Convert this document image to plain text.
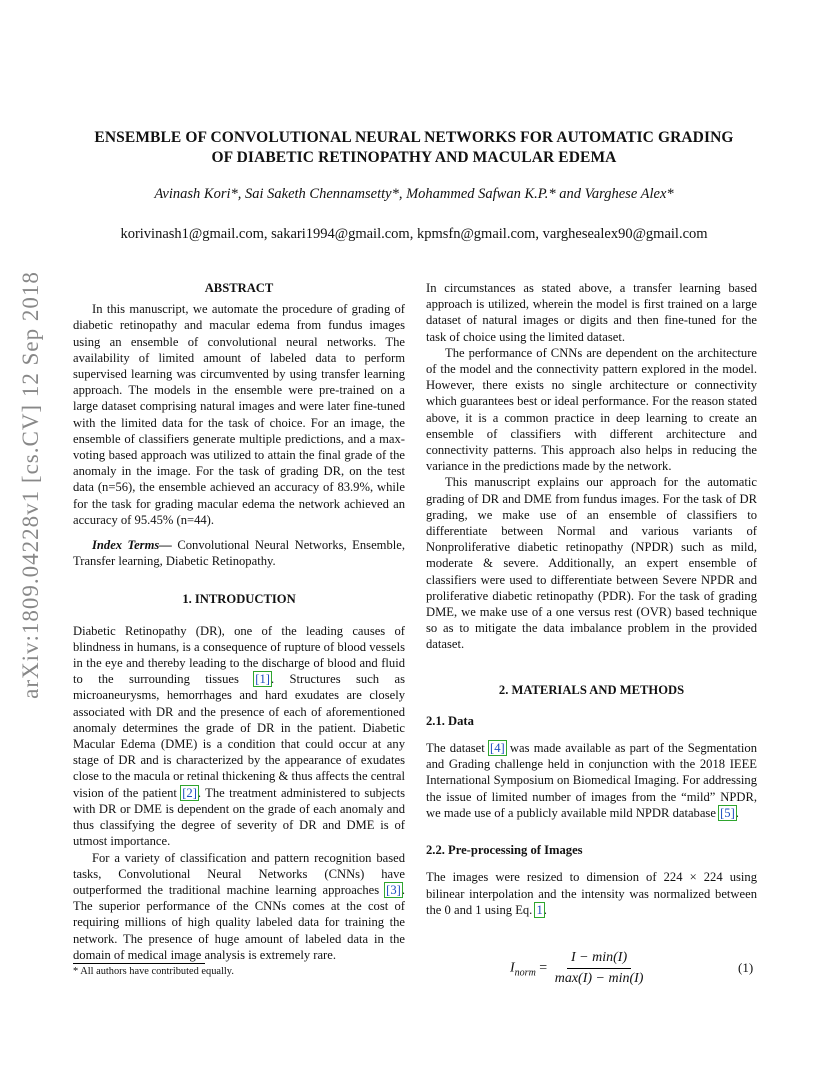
arXiv:1809.04228v1 [cs.CV] 12 Sep 2018
ENSEMBLE OF CONVOLUTIONAL NEURAL NETWORKS FOR AUTOMATIC GRADING
OF DIABETIC RETINOPATHY AND MACULAR EDEMA
Avinash Kori*, Sai Saketh Chennamsetty*, Mohammed Safwan K.P.* and Varghese Alex*
korivinash1@gmail.com, sakari1994@gmail.com, kpmsfn@gmail.com, varghesealex90@gmail.com
ABSTRACT

In this manuscript, we automate the procedure of grading of diabetic retinopathy and macular edema from fundus images using an ensemble of convolutional neural networks. The availability of limited amount of labeled data to perform supervised learning was circumvented by using transfer learning approach. The models in the ensemble were pre-trained on a large dataset comprising natural images and were later fine-tuned with the limited data for the task of choice. For an image, the ensemble of classifiers generate multiple predictions, and a max-voting based approach was utilized to attain the final grade of the anomaly in the image. For the task of grading DR, on the test data (n=56), the ensemble achieved an accuracy of 83.9%, while for the task for grading macular edema the network achieved an accuracy of 95.45% (n=44).

Index Terms— Convolutional Neural Networks, Ensemble, Transfer learning, Diabetic Retinopathy.

1. INTRODUCTION

Diabetic Retinopathy (DR), one of the leading causes of blindness in humans, is a consequence of rupture of blood vessels in the eye and thereby leading to the discharge of blood and fluid to the surrounding tissues [1]. Structures such as microaneurysms, hemorrhages and hard exudates are closely associated with DR and the presence of each of aforementioned anomaly determines the grade of DR in the patient. Diabetic Macular Edema (DME) is a condition that could occur at any stage of DR and is characterized by the appearance of exudates close to the macula or retinal thickening & thus affects the central vision of the patient [2]. The treatment administered to subjects with DR or DME is dependent on the grade of each anomaly and thus classifying the degree of severity of DR and DME is of utmost importance.

For a variety of classification and pattern recognition based tasks, Convolutional Neural Networks (CNNs) have outperformed the traditional machine learning approaches [3]. The superior performance of the CNNs comes at the cost of requiring millions of high quality labeled data for training the network. The presence of huge amount of labeled data in the domain of medical image analysis is extremely rare.

* All authors have contributed equally.

In circumstances as stated above, a transfer learning based approach is utilized, wherein the model is first trained on a large dataset of natural images or digits and then fine-tuned for the task of choice using the limited dataset.

The performance of CNNs are dependent on the architecture of the model and the connectivity pattern explored in the model. However, there exists no single architecture or connectivity which guarantees best or ideal performance. For the reason stated above, it is a common practice in deep learning to create an ensemble of classifiers with different architecture and connectivity patterns. This approach also helps in reducing the variance in the predictions made by the network.

This manuscript explains our approach for the automatic grading of DR and DME from fundus images. For the task of DR grading, we make use of an ensemble of classifiers to differentiate between Normal and various variants of Nonproliferative diabetic retinopathy (NPDR) such as mild, moderate & severe. Additionally, an expert ensemble of classifiers were used to differentiate between Severe NPDR and proliferative diabetic retinopathy (PDR). For the task of grading DME, we make use of a one versus rest (OVR) based technique so as to mitigate the data imbalance problem in the provided dataset.

2. MATERIALS AND METHODS
2.1. Data

The dataset [4] was made available as part of the Segmentation and Grading challenge held in conjunction with the 2018 IEEE International Symposium on Biomedical Imaging. For addressing the issue of limited number of images from the “mild” NPDR, we made use of a publicly available mild NPDR database [5].

2.2. Pre-processing of Images

The images were resized to dimension of 224 × 224 using bilinear interpolation and the intensity was normalized between the 0 and 1 using Eq. 1.

$I_{norm} = \frac{I - \min(I)}{\max(I) - \min(I)}$	(1)
